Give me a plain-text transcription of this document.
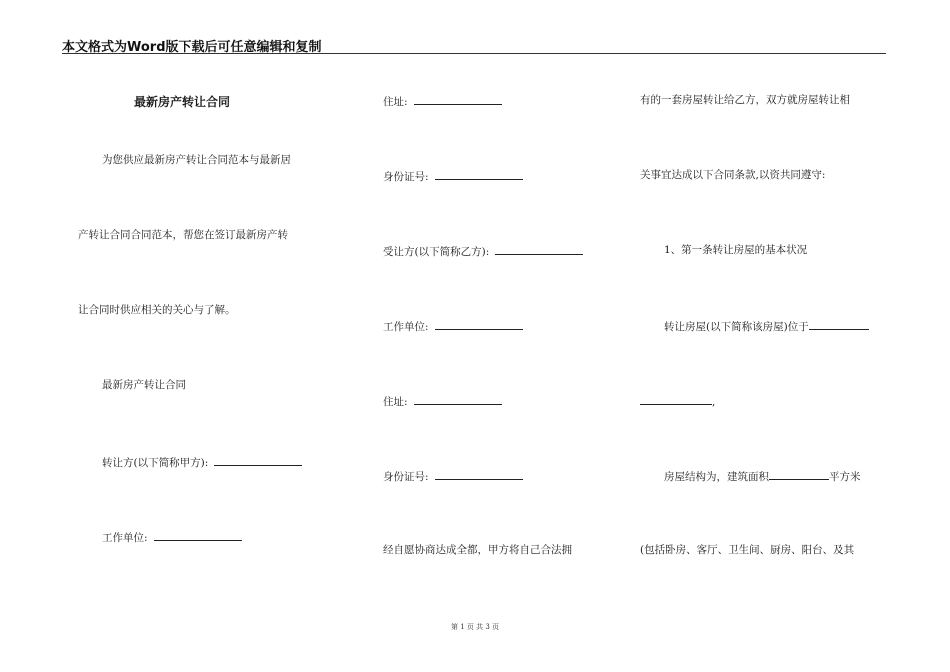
本文格式为Word版下载后可任意编辑和复制
最新房产转让合同
为您供应最新房产转让合同范本与最新居
产转让合同合同范本，帮您在签订最新房产转
让合同时供应相关的关心与了解。
最新房产转让合同
转让方(以下简称甲方):
工作单位:
住址:
身份证号:
受让方(以下简称乙方):
工作单位:
住址:
身份证号:
经自愿协商达成全都，甲方将自己合法拥
有的一套房屋转让给乙方，双方就房屋转让相
关事宜达成以下合同条款,以资共同遵守:
1、第一条转让房屋的基本状况
转让房屋(以下简称该房屋)位于
,
房屋结构为，建筑面积	平方米
(包括卧房、客厅、卫生间、厨房、阳台、及其
第 1 页 共 3 页
